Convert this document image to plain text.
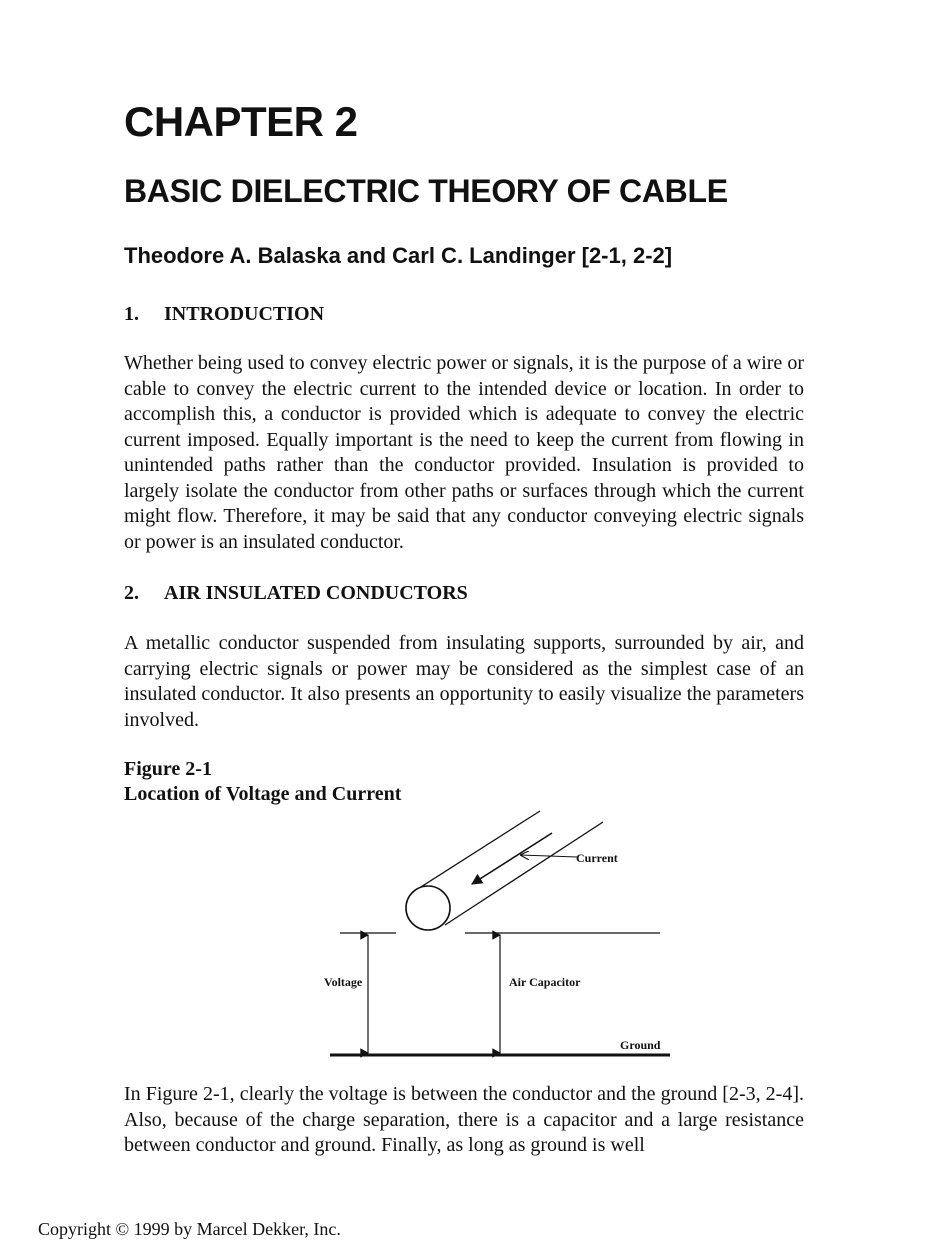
CHAPTER 2
BASIC DIELECTRIC THEORY OF CABLE
Theodore A. Balaska and Carl C. Landinger [2-1, 2-2]
1. INTRODUCTION

Whether being used to convey electric power or signals, it is the purpose of a wire or cable to convey the electric current to the intended device or location. In order to accomplish this, a conductor is provided which is adequate to convey the electric current imposed. Equally important is the need to keep the current from flowing in unintended paths rather than the conductor provided. Insulation is provided to largely isolate the conductor from other paths or surfaces through which the current might flow. Therefore, it may be said that any conductor conveying electric signals or power is an insulated conductor.

2. AIR INSULATED CONDUCTORS

A metallic conductor suspended from insulating supports, surrounded by air, and carrying electric signals or power may be considered as the simplest case of an insulated conductor. It also presents an opportunity to easily visualize the parameters involved.

Figure 2-1
Location of Voltage and Current
Current
Voltage	Air Capacitor
Ground

In Figure 2-1, clearly the voltage is between the conductor and the ground [2-3, 2-4]. Also, because of the charge separation, there is a capacitor and a large resistance between conductor and ground. Finally, as long as ground is well

Copyright © 1999 by Marcel Dekker, Inc.
